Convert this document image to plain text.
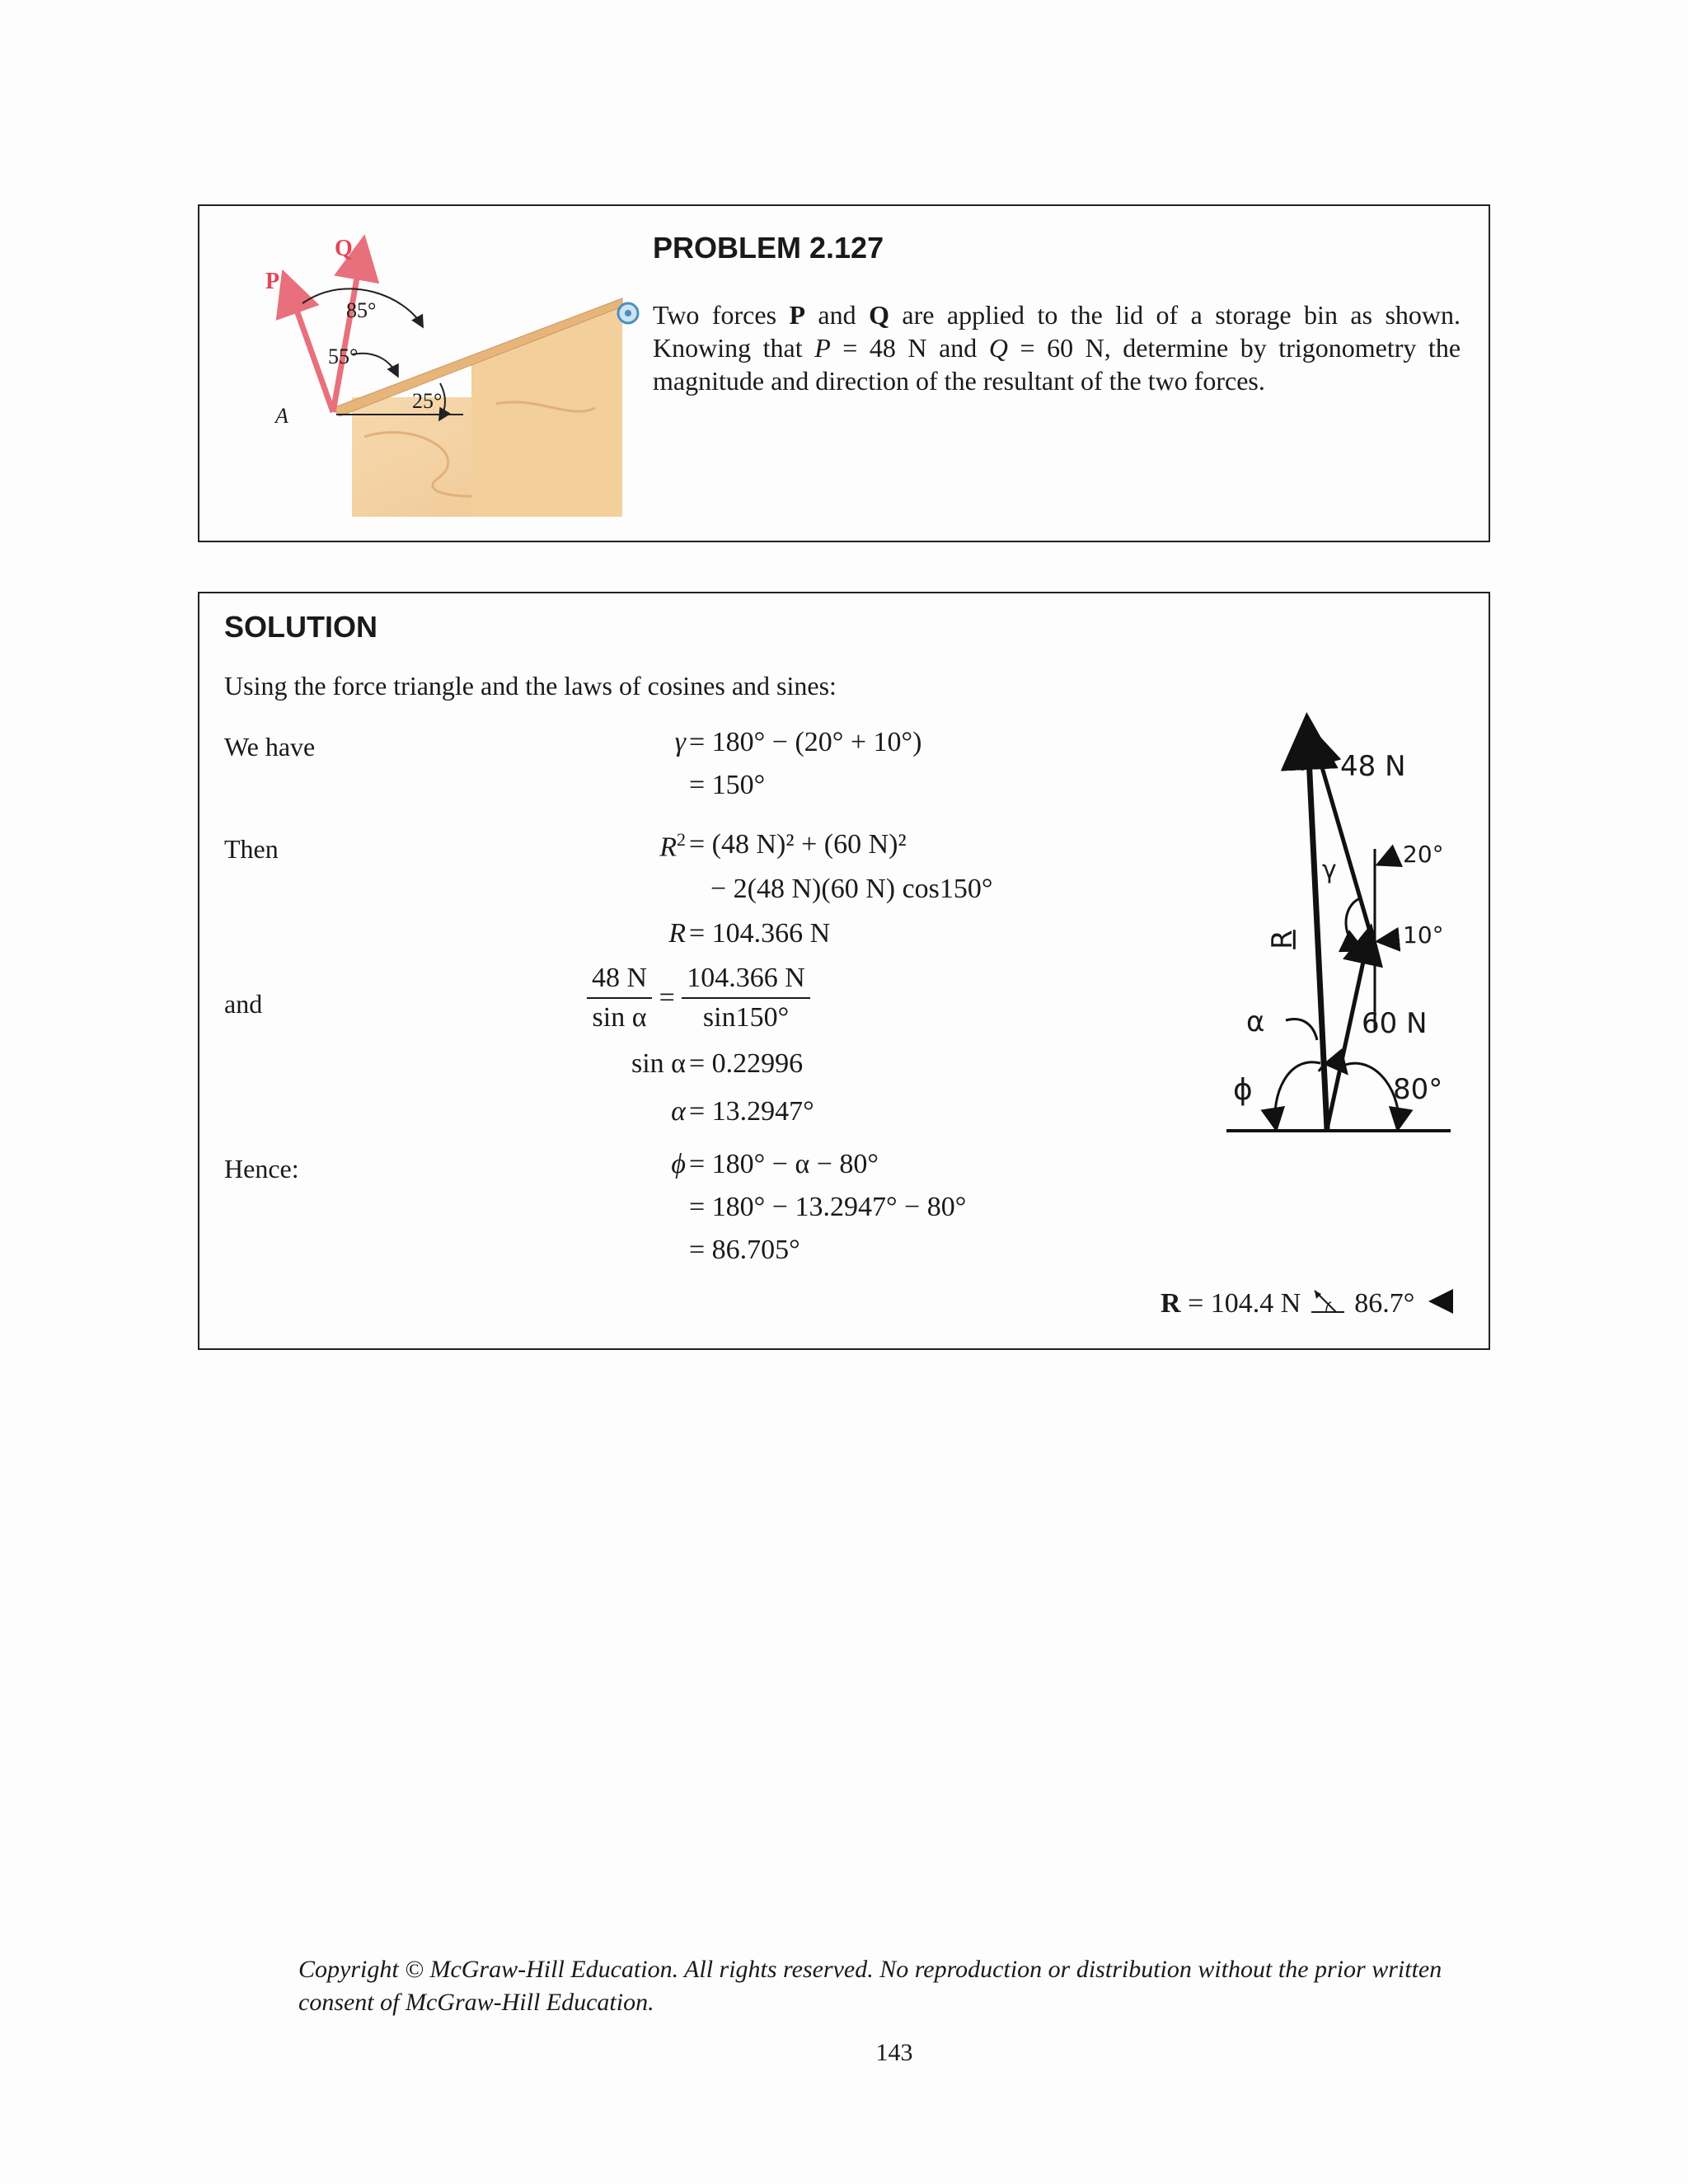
Q
P
A
85°
55°
25°
PROBLEM 2.127
Two forces P and Q are applied to the lid of a storage bin as shown. Knowing that P = 48 N and Q = 60 N, determine by trigonometry the magnitude and direction of the resultant of the two forces.
SOLUTION
Using the force triangle and the laws of cosines and sines:
We have
Then
and
Hence:
γ = 180° − (20° + 10°)
= 150°
$R^2 = (48$ N)² + (60 N)²
− 2(48 N)(60 N) cos150°
R = 104.366 N
$\frac{48 N}{\text{sin α}} = \frac{104.366 N}{\sin 150^\circ}$
sin α = 0.22996
α = 13.2947°
ϕ = 180° − α − 80°
= 180° − 13.2947° − 80°
= 86.705°
48 N
20°
γ
10°
R
60 N
α
ϕ	80°
R = 104.4 N 86.7°
Copyright © McGraw-Hill Education. All rights reserved. No reproduction or distribution without the prior written consent of McGraw-Hill Education.
143
